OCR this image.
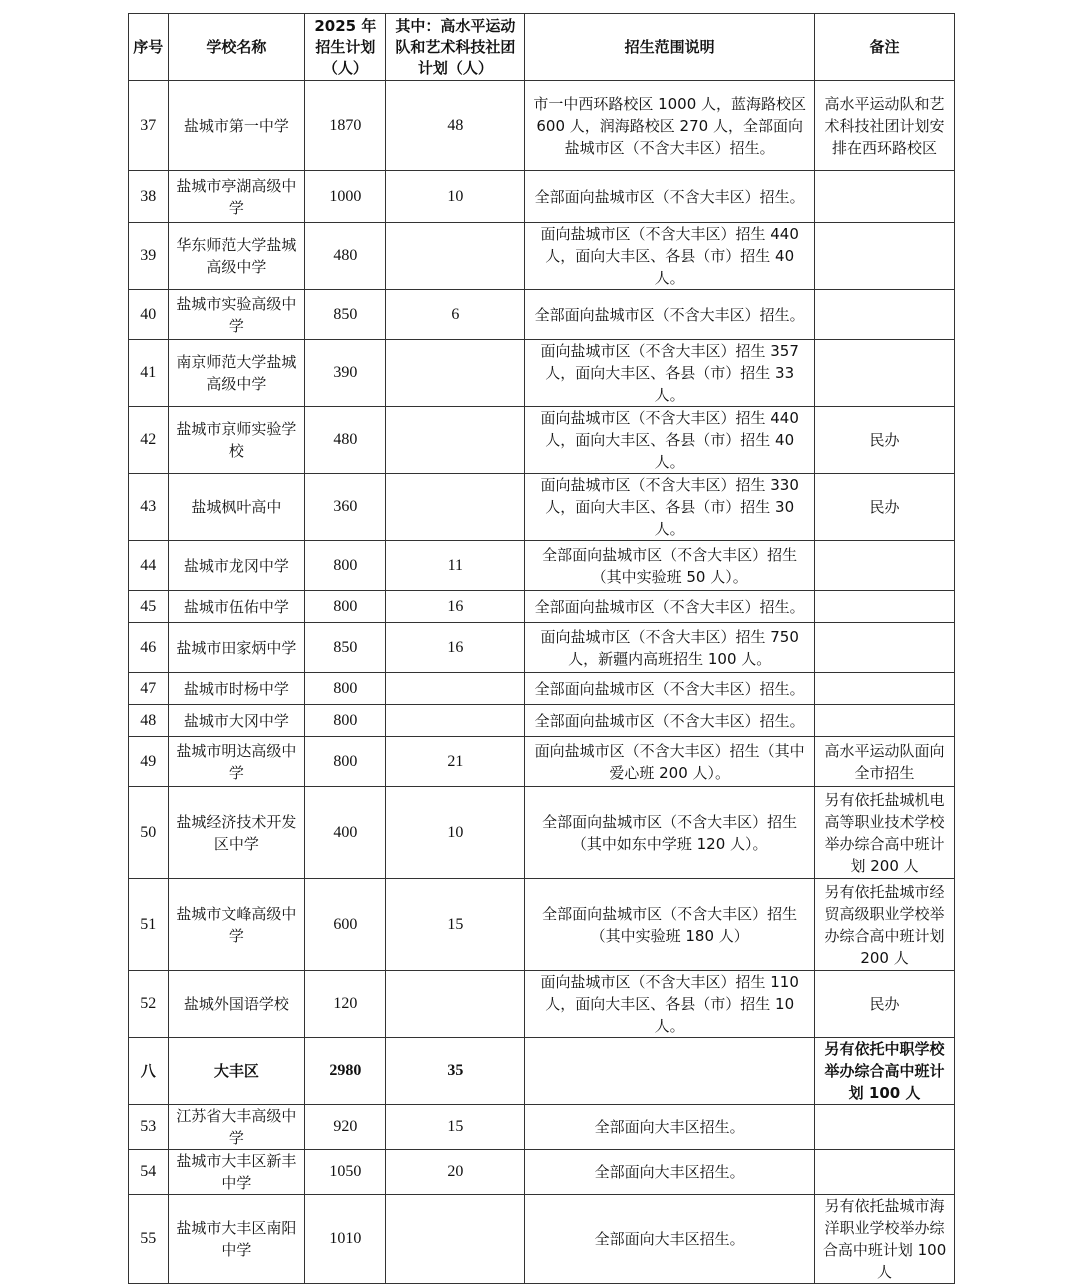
序号	学校名称	2025 年招生计划（人）	其中：高水平运动队和艺术科技社团计划（人）	招生范围说明	备注
37	盐城市第一中学	1870	48	市一中西环路校区 1000 人，蓝海路校区 600 人，润海路校区 270 人，全部面向盐城市区（不含大丰区）招生。	高水平运动队和艺术科技社团计划安排在西环路校区
38	盐城市亭湖高级中学	1000	10	全部面向盐城市区（不含大丰区）招生。	
39	华东师范大学盐城高级中学	480		面向盐城市区（不含大丰区）招生 440 人，面向大丰区、各县（市）招生 40 人。	
40	盐城市实验高级中学	850	6	全部面向盐城市区（不含大丰区）招生。	
41	南京师范大学盐城高级中学	390		面向盐城市区（不含大丰区）招生 357 人，面向大丰区、各县（市）招生 33 人。	
42	盐城市京师实验学校	480		面向盐城市区（不含大丰区）招生 440 人，面向大丰区、各县（市）招生 40 人。	民办
43	盐城枫叶高中	360		面向盐城市区（不含大丰区）招生 330 人，面向大丰区、各县（市）招生 30 人。	民办
44	盐城市龙冈中学	800	11	全部面向盐城市区（不含大丰区）招生（其中实验班 50 人）。	
45	盐城市伍佑中学	800	16	全部面向盐城市区（不含大丰区）招生。	
46	盐城市田家炳中学	850	16	面向盐城市区（不含大丰区）招生 750 人，新疆内高班招生 100 人。	
47	盐城市时杨中学	800		全部面向盐城市区（不含大丰区）招生。	
48	盐城市大冈中学	800		全部面向盐城市区（不含大丰区）招生。	
49	盐城市明达高级中学	800	21	面向盐城市区（不含大丰区）招生（其中爱心班 200 人）。	高水平运动队面向全市招生
50	盐城经济技术开发区中学	400	10	全部面向盐城市区（不含大丰区）招生（其中如东中学班 120 人）。	另有依托盐城机电高等职业技术学校举办综合高中班计划 200 人
51	盐城市文峰高级中学	600	15	全部面向盐城市区（不含大丰区）招生（其中实验班 180 人）	另有依托盐城市经贸高级职业学校举办综合高中班计划 200 人
52	盐城外国语学校	120		面向盐城市区（不含大丰区）招生 110 人，面向大丰区、各县（市）招生 10 人。	民办
八	大丰区	2980	35		另有依托中职学校举办综合高中班计划 100 人
53	江苏省大丰高级中学	920	15	全部面向大丰区招生。	
54	盐城市大丰区新丰中学	1050	20	全部面向大丰区招生。	
55	盐城市大丰区南阳中学	1010		全部面向大丰区招生。	另有依托盐城市海洋职业学校举办综合高中班计划 100 人
